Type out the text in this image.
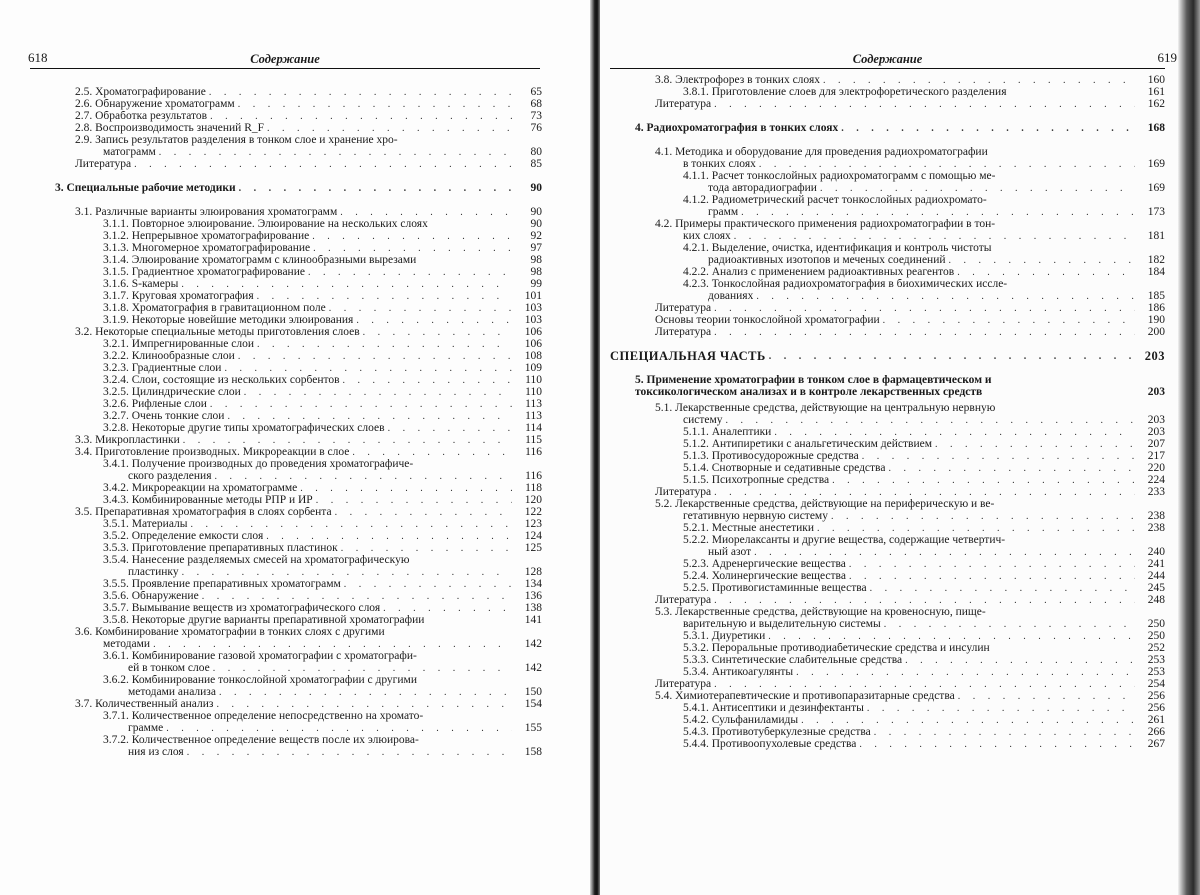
618	Содержание
2.5. Хроматографирование . . .	65
2.6. Обнаружение хроматограмм . . .	68
2.7. Обработка результатов . . .	73
2.8. Воспроизводимость значений R_F . . .	76
2.9. Запись результатов разделения в тонком слое и хранение хро-
матограмм . . .	80
Литература . . .	85
3. Специальные рабочие методики . . .	90
3.1. Различные варианты элюирования хроматограмм . . .	90
3.1.1. Повторное элюирование. Элюирование на нескольких слоях	90
3.1.2. Непрерывное хроматографирование . . .	92
3.1.3. Многомерное хроматографирование . . .	97
3.1.4. Элюирование хроматограмм с клинообразными вырезами	98
3.1.5. Градиентное хроматографирование . . .	98
3.1.6. S-камеры . . .	99
3.1.7. Круговая хроматография . . .	101
3.1.8. Хроматография в гравитационном поле . . .	103
3.1.9. Некоторые новейшие методики элюирования . . .	103
3.2. Некоторые специальные методы приготовления слоев . . .	106
3.2.1. Импрегнированные слои . . .	106
3.2.2. Клинообразные слои . . .	108
3.2.3. Градиентные слои . . .	109
3.2.4. Слои, состоящие из нескольких сорбентов . . .	110
3.2.5. Цилиндрические слои . . .	110
3.2.6. Рифленые слои . . .	113
3.2.7. Очень тонкие слои . . .	113
3.2.8. Некоторые другие типы хроматографических слоев . . .	114
3.3. Микропластинки . . .	115
3.4. Приготовление производных. Микрореакции в слое . . .	116
3.4.1. Получение производных до проведения хроматографиче-
ского разделения . . .	116
3.4.2. Микрореакции на хроматограмме . . .	118
3.4.3. Комбинированные методы РПР и ИР . . .	120
3.5. Препаративная хроматография в слоях сорбента . . .	122
3.5.1. Материалы . . .	123
3.5.2. Определение емкости слоя . . .	124
3.5.3. Приготовление препаративных пластинок . . .	125
3.5.4. Нанесение разделяемых смесей на хроматографическую
пластинку . . .	128
3.5.5. Проявление препаративных хроматограмм . . .	134
3.5.6. Обнаружение . . .	136
3.5.7. Вымывание веществ из хроматографического слоя . . .	138
3.5.8. Некоторые другие варианты препаративной хроматографии	141
3.6. Комбинирование хроматографии в тонких слоях с другими
методами . . .	142
3.6.1. Комбинирование газовой хроматографии с хроматографи-
ей в тонком слое . . .	142
3.6.2. Комбинирование тонкослойной хроматографии с другими
методами анализа . . .	150
3.7. Количественный анализ . . .	154
3.7.1. Количественное определение непосредственно на хромато-
грамме . . .	155
3.7.2. Количественное определение веществ после их элюирова-
ния из слоя . . .	158
Содержание	619
3.8. Электрофорез в тонких слоях . . .	160
3.8.1. Приготовление слоев для электрофоретического разделения	161
Литература . . .	162
4. Радиохроматография в тонких слоях . . .	168
4.1. Методика и оборудование для проведения радиохроматографии
в тонких слоях . . .	169
4.1.1. Расчет тонкослойных радиохроматограмм с помощью ме-
тода авторадиографии . . .	169
4.1.2. Радиометрический расчет тонкослойных радиохромато-
грамм . . .	173
4.2. Примеры практического применения радиохроматографии в тон-
ких слоях . . .	181
4.2.1. Выделение, очистка, идентификация и контроль чистоты
радиоактивных изотопов и меченых соединений . . .	182
4.2.2. Анализ с применением радиоактивных реагентов . . .	184
4.2.3. Тонкослойная радиохроматография в биохимических иссле-
дованиях . . .	185
Литература . . .	186
Основы теории тонкослойной хроматографии . . .	190
Литература . . .	200
СПЕЦИАЛЬНАЯ ЧАСТЬ . . .	203
5. Применение хроматографии в тонком слое в фармацевтическом и
токсикологическом анализах и в контроле лекарственных средств	203
5.1. Лекарственные средства, действующие на центральную нервную
систему . . .	203
5.1.1. Аналептики . . .	203
5.1.2. Антипиретики с анальгетическим действием . . .	207
5.1.3. Противосудорожные средства . . .	217
5.1.4. Снотворные и седативные средства . . .	220
5.1.5. Психотропные средства . . .	224
Литература . . .	233
5.2. Лекарственные средства, действующие на периферическую и ве-
гетативную нервную систему . . .	238
5.2.1. Местные анестетики . . .	238
5.2.2. Миорелаксанты и другие вещества, содержащие четвертич-
ный азот . . .	240
5.2.3. Адренергические вещества . . .	241
5.2.4. Холинергические вещества . . .	244
5.2.5. Противогистаминные вещества . . .	245
Литература . . .	248
5.3. Лекарственные средства, действующие на кровеносную, пище-
варительную и выделительную системы . . .	250
5.3.1. Диуретики . . .	250
5.3.2. Пероральные противодиабетические средства и инсулин	252
5.3.3. Синтетические слабительные средства . . .	253
5.3.4. Антикоагулянты . . .	253
Литература . . .	254
5.4. Химиотерапевтические и противопаразитарные средства . . .	256
5.4.1. Антисептики и дезинфектанты . . .	256
5.4.2. Сульфаниламиды . . .	261
5.4.3. Противотуберкулезные средства . . .	266
5.4.4. Противоопухолевые средства . . .	267
